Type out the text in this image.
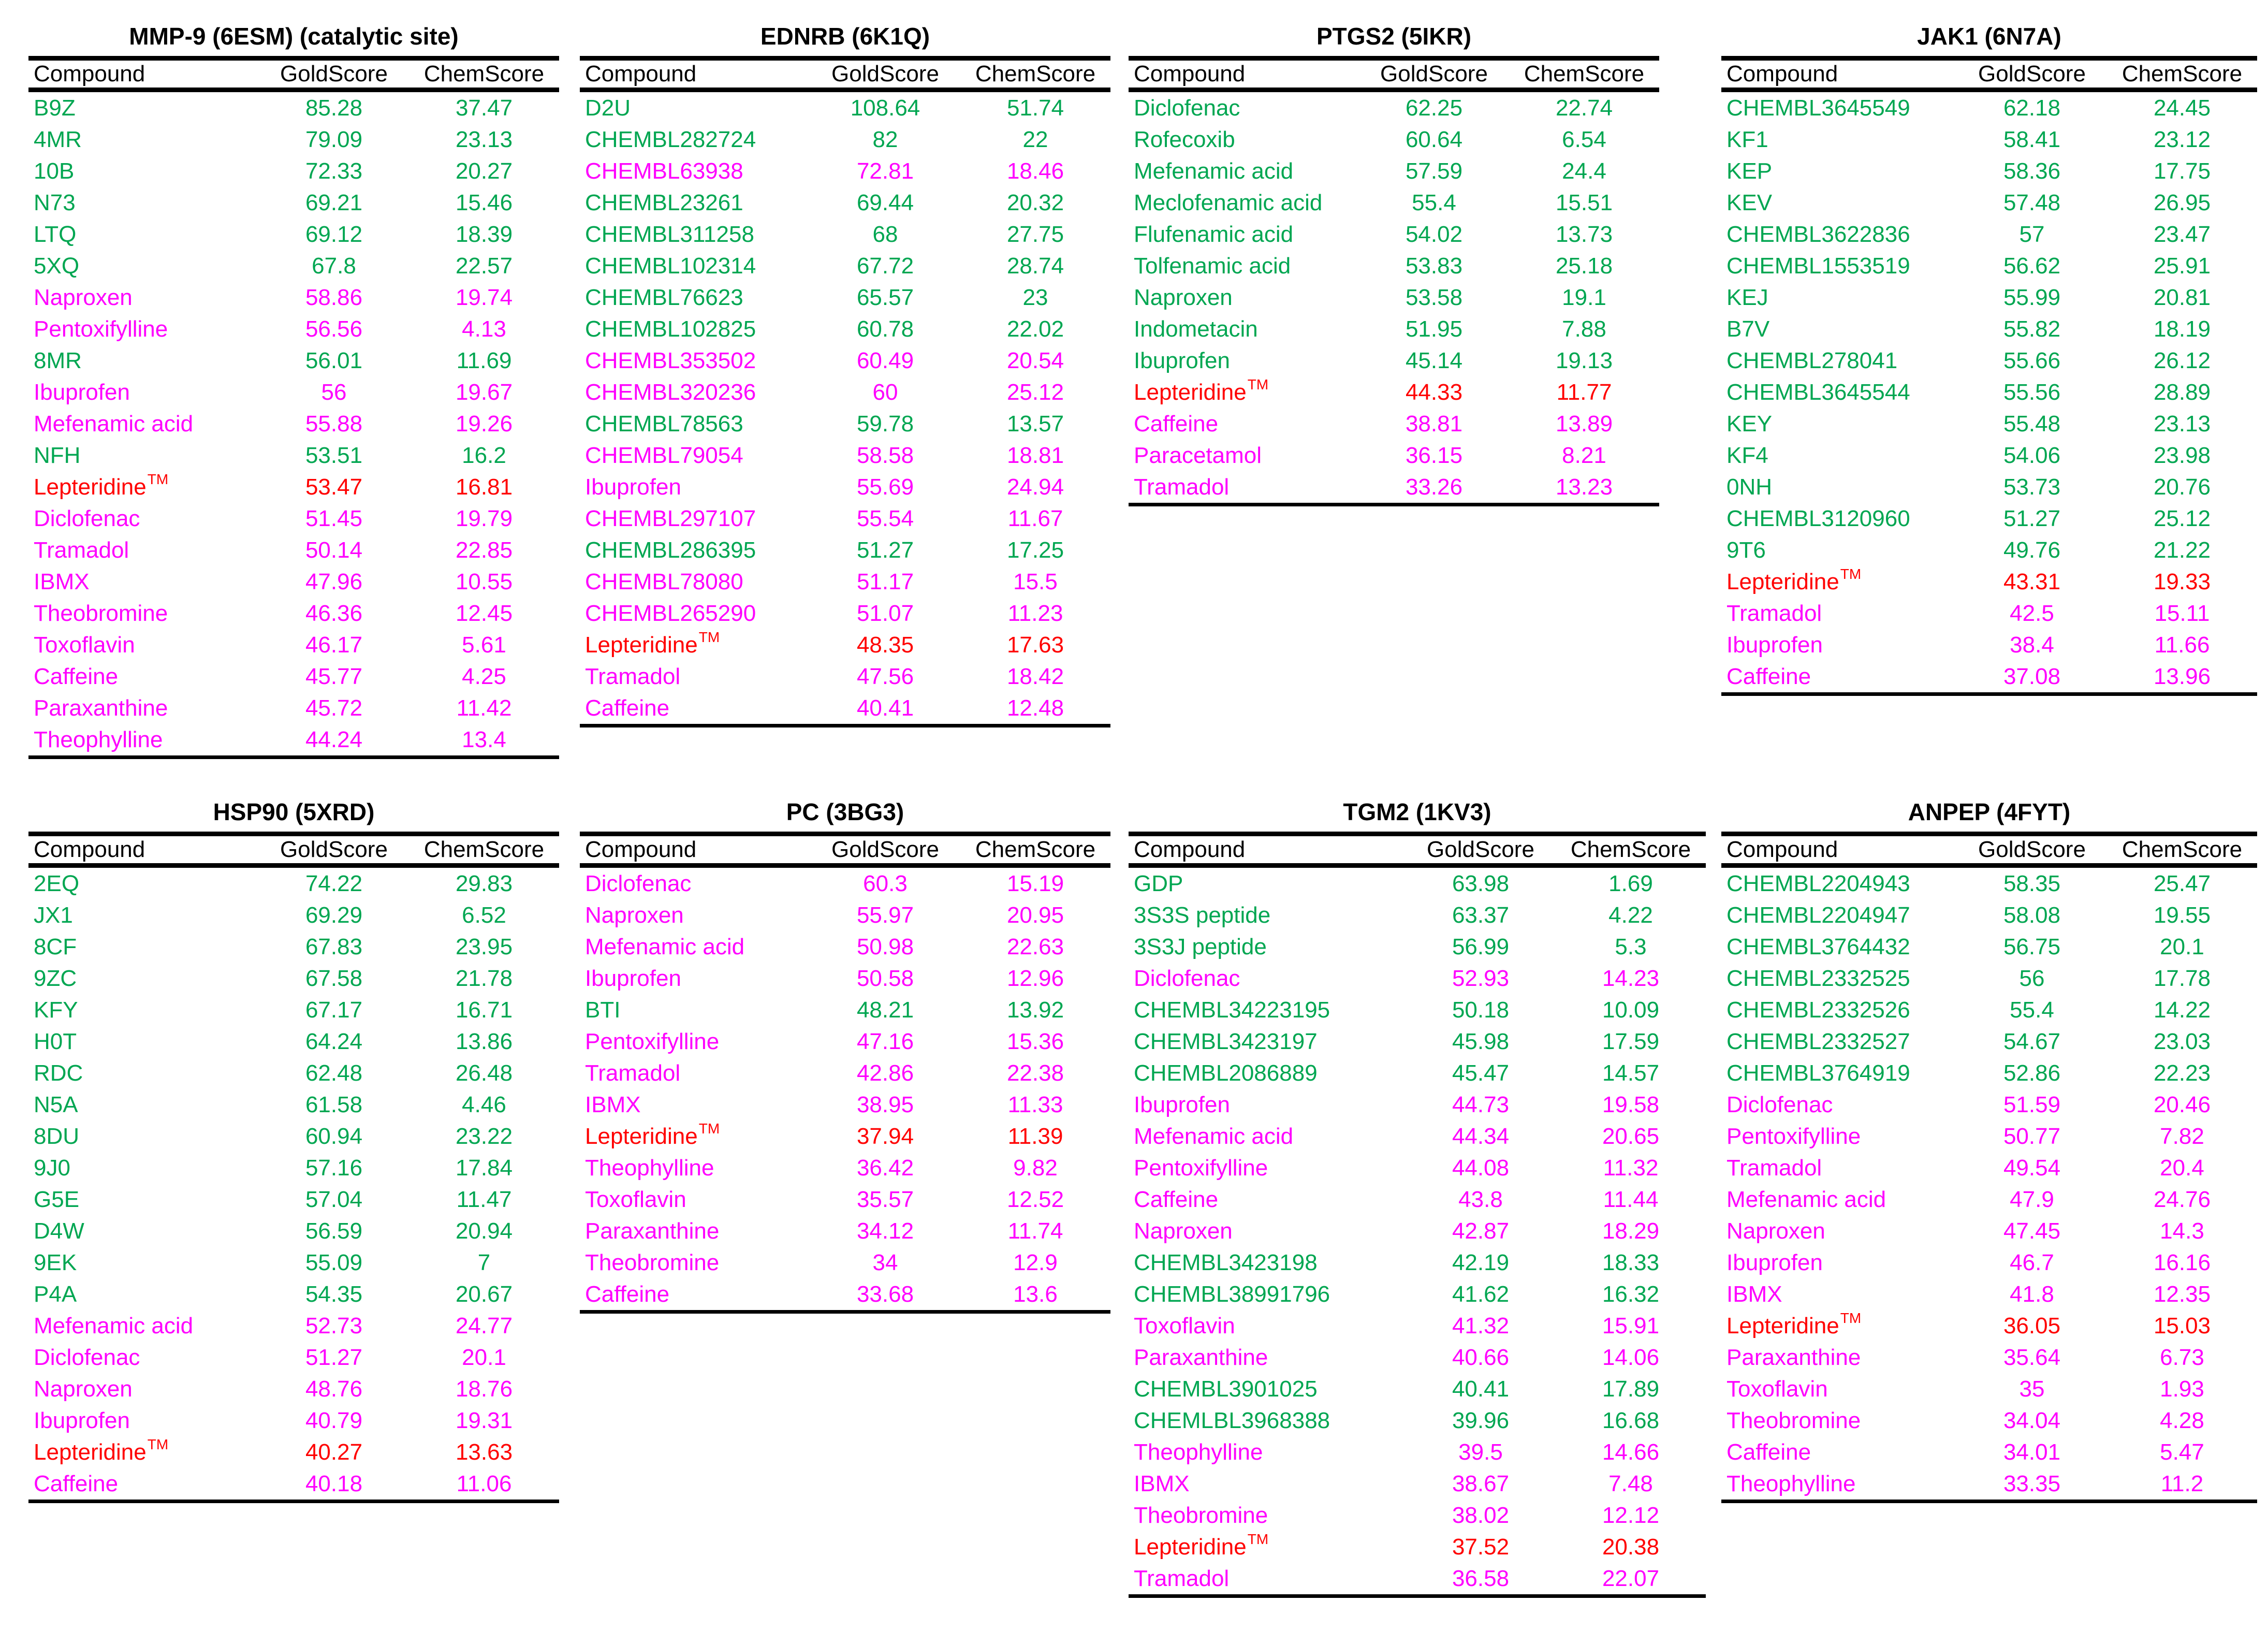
MMP-9 (6ESM) (catalytic site)
Compound	GoldScore	ChemScore
B9Z	85.28	37.47
4MR	79.09	23.13
10B	72.33	20.27
N73	69.21	15.46
LTQ	69.12	18.39
5XQ	67.8	22.57
Naproxen	58.86	19.74
Pentoxifylline	56.56	4.13
8MR	56.01	11.69
Ibuprofen	56	19.67
Mefenamic acid	55.88	19.26
NFH	53.51	16.2
Lepteridine™	53.47	16.81
Diclofenac	51.45	19.79
Tramadol	50.14	22.85
IBMX	47.96	10.55
Theobromine	46.36	12.45
Toxoflavin	46.17	5.61
Caffeine	45.77	4.25
Paraxanthine	45.72	11.42
Theophylline	44.24	13.4
EDNRB (6K1Q)
Compound	GoldScore	ChemScore
D2U	108.64	51.74
CHEMBL282724	82	22
CHEMBL63938	72.81	18.46
CHEMBL23261	69.44	20.32
CHEMBL311258	68	27.75
CHEMBL102314	67.72	28.74
CHEMBL76623	65.57	23
CHEMBL102825	60.78	22.02
CHEMBL353502	60.49	20.54
CHEMBL320236	60	25.12
CHEMBL78563	59.78	13.57
CHEMBL79054	58.58	18.81
Ibuprofen	55.69	24.94
CHEMBL297107	55.54	11.67
CHEMBL286395	51.27	17.25
CHEMBL78080	51.17	15.5
CHEMBL265290	51.07	11.23
Lepteridine™	48.35	17.63
Tramadol	47.56	18.42
Caffeine	40.41	12.48
PTGS2 (5IKR)
Compound	GoldScore	ChemScore
Diclofenac	62.25	22.74
Rofecoxib	60.64	6.54
Mefenamic acid	57.59	24.4
Meclofenamic acid	55.4	15.51
Flufenamic acid	54.02	13.73
Tolfenamic acid	53.83	25.18
Naproxen	53.58	19.1
Indometacin	51.95	7.88
Ibuprofen	45.14	19.13
Lepteridine™	44.33	11.77
Caffeine	38.81	13.89
Paracetamol	36.15	8.21
Tramadol	33.26	13.23
JAK1 (6N7A)
Compound	GoldScore	ChemScore
CHEMBL3645549	62.18	24.45
KF1	58.41	23.12
KEP	58.36	17.75
KEV	57.48	26.95
CHEMBL3622836	57	23.47
CHEMBL1553519	56.62	25.91
KEJ	55.99	20.81
B7V	55.82	18.19
CHEMBL278041	55.66	26.12
CHEMBL3645544	55.56	28.89
KEY	55.48	23.13
KF4	54.06	23.98
0NH	53.73	20.76
CHEMBL3120960	51.27	25.12
9T6	49.76	21.22
Lepteridine™	43.31	19.33
Tramadol	42.5	15.11
Ibuprofen	38.4	11.66
Caffeine	37.08	13.96
HSP90 (5XRD)
Compound	GoldScore	ChemScore
2EQ	74.22	29.83
JX1	69.29	6.52
8CF	67.83	23.95
9ZC	67.58	21.78
KFY	67.17	16.71
H0T	64.24	13.86
RDC	62.48	26.48
N5A	61.58	4.46
8DU	60.94	23.22
9J0	57.16	17.84
G5E	57.04	11.47
D4W	56.59	20.94
9EK	55.09	7
P4A	54.35	20.67
Mefenamic acid	52.73	24.77
Diclofenac	51.27	20.1
Naproxen	48.76	18.76
Ibuprofen	40.79	19.31
Lepteridine™	40.27	13.63
Caffeine	40.18	11.06
PC (3BG3)
Compound	GoldScore	ChemScore
Diclofenac	60.3	15.19
Naproxen	55.97	20.95
Mefenamic acid	50.98	22.63
Ibuprofen	50.58	12.96
BTI	48.21	13.92
Pentoxifylline	47.16	15.36
Tramadol	42.86	22.38
IBMX	38.95	11.33
Lepteridine™	37.94	11.39
Theophylline	36.42	9.82
Toxoflavin	35.57	12.52
Paraxanthine	34.12	11.74
Theobromine	34	12.9
Caffeine	33.68	13.6
TGM2 (1KV3)
Compound	GoldScore	ChemScore
GDP	63.98	1.69
3S3S peptide	63.37	4.22
3S3J peptide	56.99	5.3
Diclofenac	52.93	14.23
CHEMBL34223195	50.18	10.09
CHEMBL3423197	45.98	17.59
CHEMBL2086889	45.47	14.57
Ibuprofen	44.73	19.58
Mefenamic acid	44.34	20.65
Pentoxifylline	44.08	11.32
Caffeine	43.8	11.44
Naproxen	42.87	18.29
CHEMBL3423198	42.19	18.33
CHEMBL38991796	41.62	16.32
Toxoflavin	41.32	15.91
Paraxanthine	40.66	14.06
CHEMBL3901025	40.41	17.89
CHEMLBL3968388	39.96	16.68
Theophylline	39.5	14.66
IBMX	38.67	7.48
Theobromine	38.02	12.12
Lepteridine™	37.52	20.38
Tramadol	36.58	22.07
ANPEP (4FYT)
Compound	GoldScore	ChemScore
CHEMBL2204943	58.35	25.47
CHEMBL2204947	58.08	19.55
CHEMBL3764432	56.75	20.1
CHEMBL2332525	56	17.78
CHEMBL2332526	55.4	14.22
CHEMBL2332527	54.67	23.03
CHEMBL3764919	52.86	22.23
Diclofenac	51.59	20.46
Pentoxifylline	50.77	7.82
Tramadol	49.54	20.4
Mefenamic acid	47.9	24.76
Naproxen	47.45	14.3
Ibuprofen	46.7	16.16
IBMX	41.8	12.35
Lepteridine™	36.05	15.03
Paraxanthine	35.64	6.73
Toxoflavin	35	1.93
Theobromine	34.04	4.28
Caffeine	34.01	5.47
Theophylline	33.35	11.2
